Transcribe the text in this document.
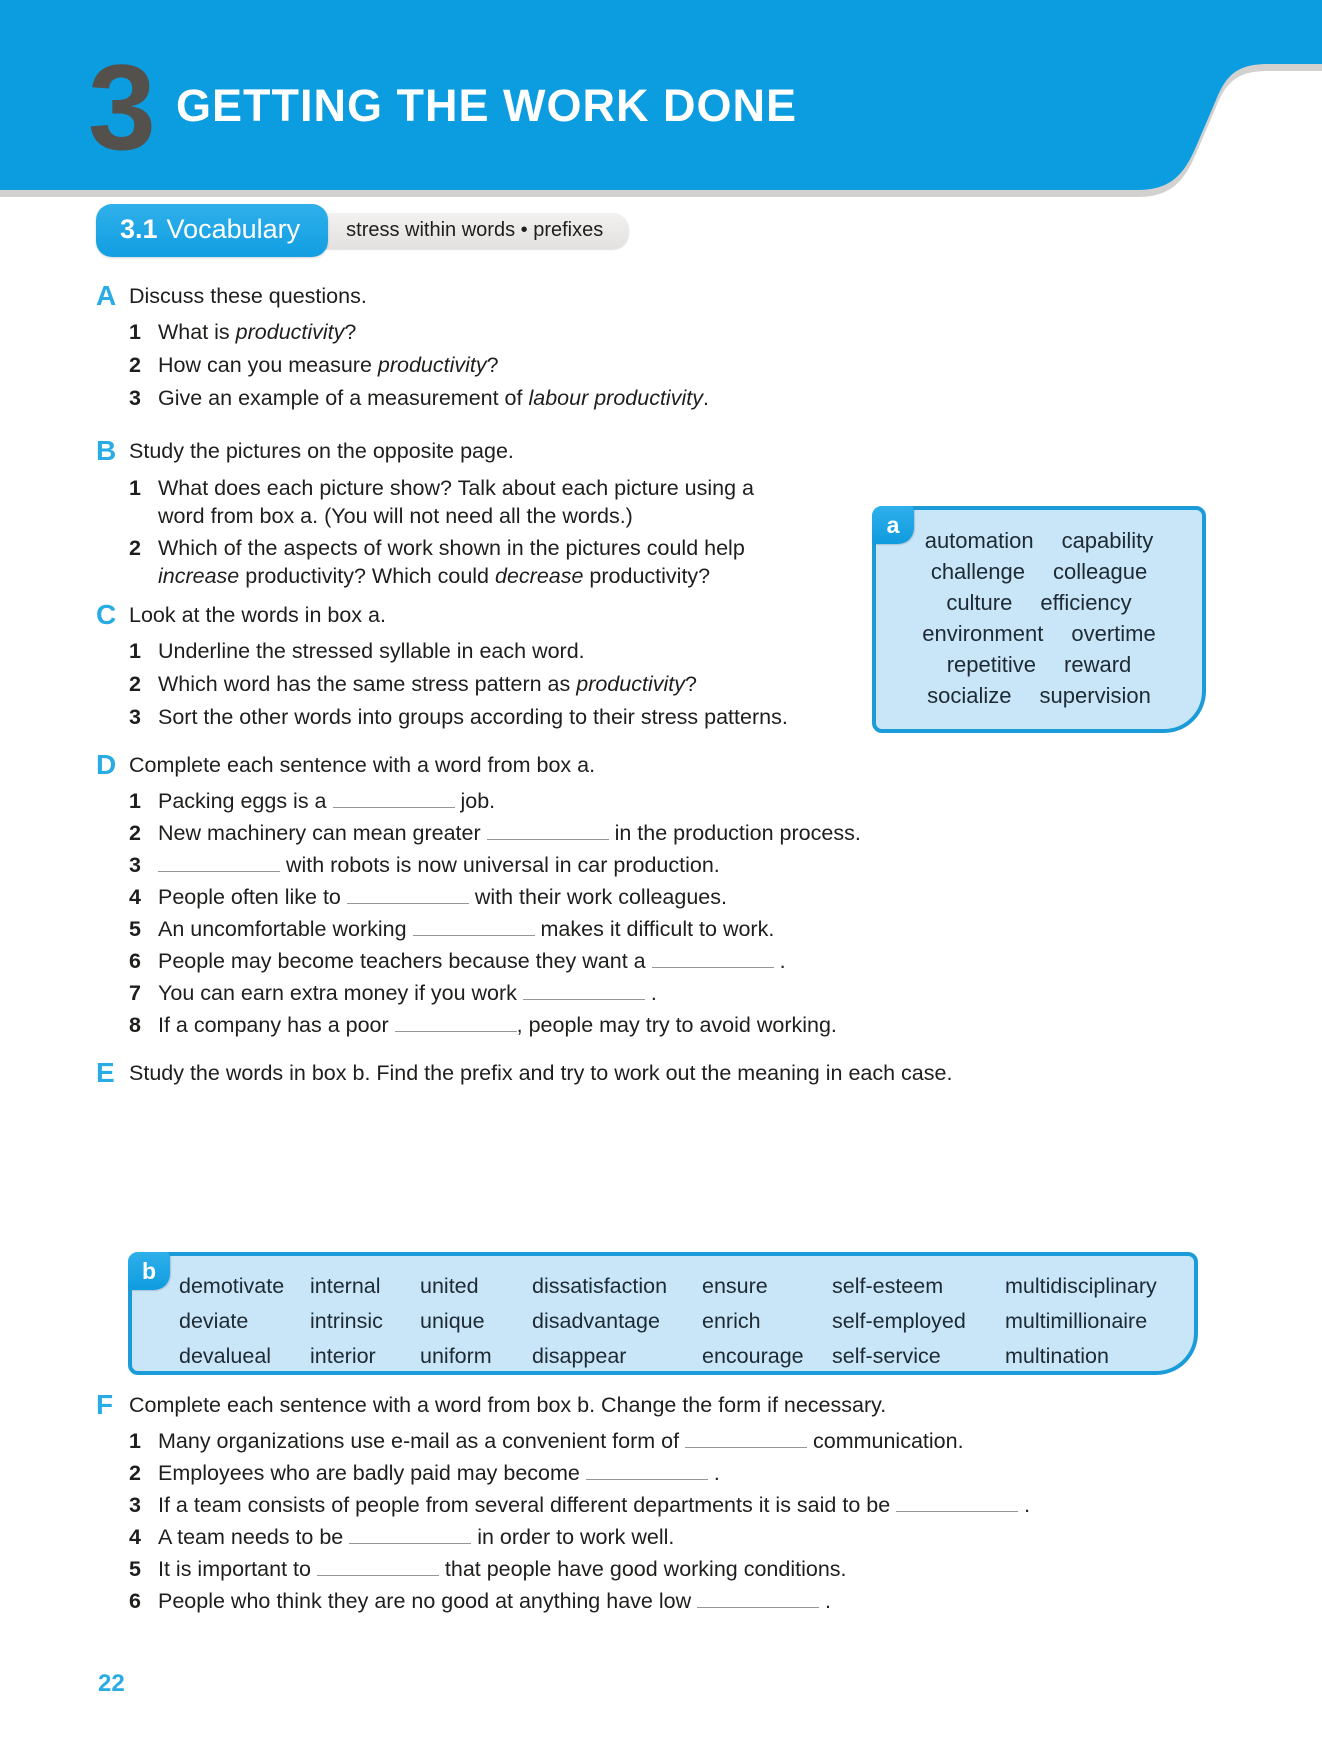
3 GETTING THE WORK DONE
3.1 Vocabulary	stress within words • prefixes
A Discuss these questions.
1 What is productivity?
2 How can you measure productivity?
3 Give an example of a measurement of labour productivity.
B Study the pictures on the opposite page.
1 What does each picture show? Talk about each picture using a
word from box a. (You will not need all the words.)
2 Which of the aspects of work shown in the pictures could help
increase productivity? Which could decrease productivity?
a
automation capability
challenge colleague
culture efficiency
environment overtime
repetitive reward
socialize supervision
C Look at the words in box a.
1 Underline the stressed syllable in each word.
2 Which word has the same stress pattern as productivity?
3 Sort the other words into groups according to their stress patterns.
D Complete each sentence with a word from box a.
1 Packing eggs is a	job.
2 New machinery can mean greater	in the production process.
3	with robots is now universal in car production.
4 People often like to	with their work colleagues.
5 An uncomfortable working	makes it difficult to work.
6 People may become teachers because they want a	.
7 You can earn extra money if you work	.
8 If a company has a poor	, people may try to avoid working.
E Study the words in box b. Find the prefix and try to work out the meaning in each case.
b
demotivate	internal	united	dissatisfaction	ensure	self-esteem	multidisciplinary
deviate	intrinsic	unique	disadvantage	enrich	self-employed	multimillionaire
devalueal	interior	uniform	disappear	encourage	self-service	multination
F Complete each sentence with a word from box b. Change the form if necessary.
1 Many organizations use e-mail as a convenient form of	communication.
2 Employees who are badly paid may become	.
3 If a team consists of people from several different departments it is said to be	.
4 A team needs to be	in order to work well.
5 It is important to	that people have good working conditions.
6 People who think they are no good at anything have low	.
22
